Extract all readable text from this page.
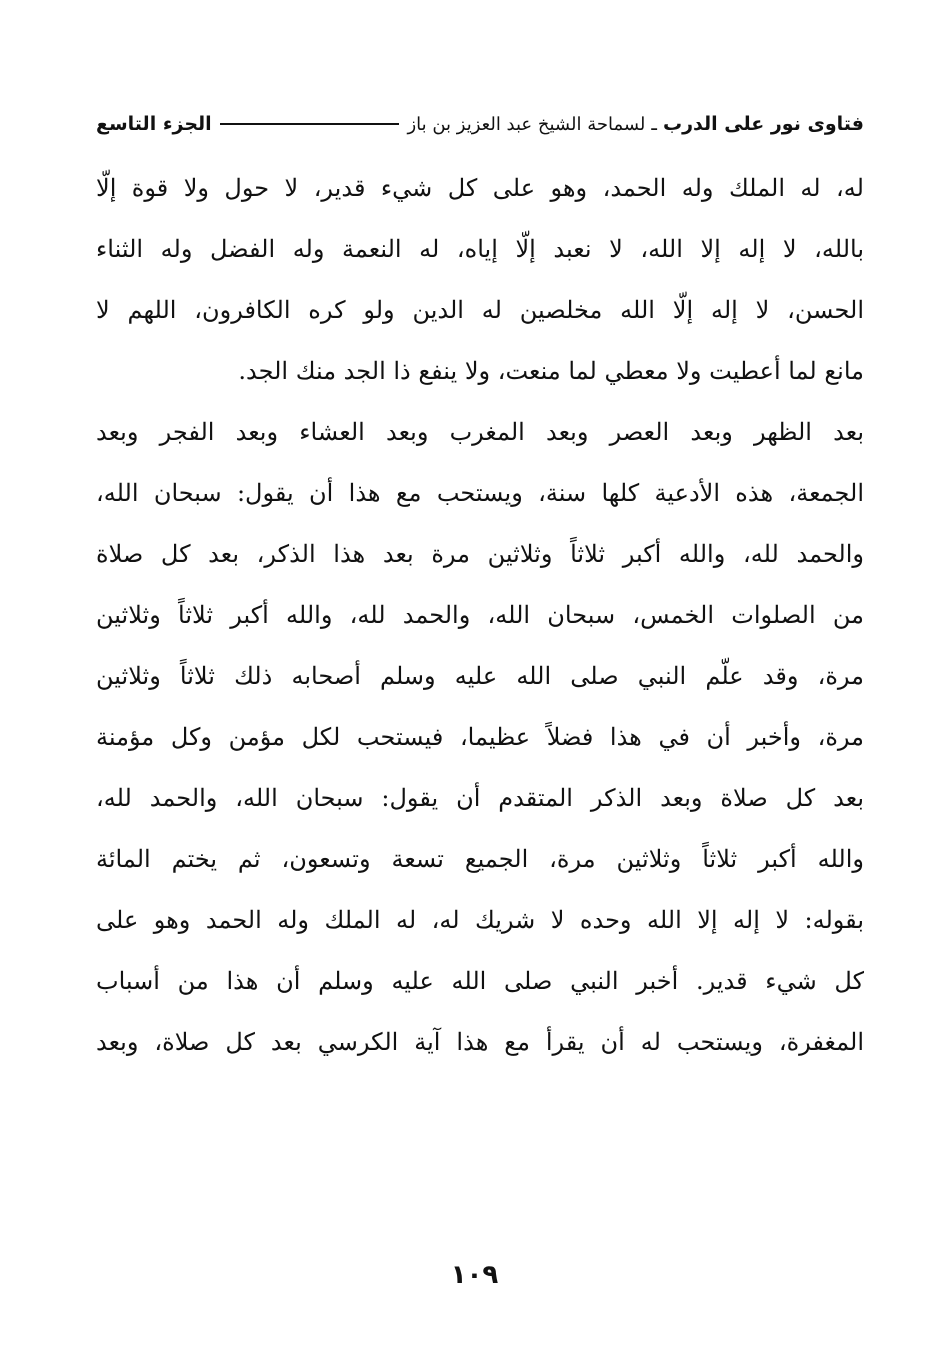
فتاوى نور على الدرب
ـ
لسماحة الشيخ عبد العزيز بن باز
الجزء التاسع
له، له الملك وله الحمد، وهو على كل شيء قدير، لا حول ولا قوة إلّا
بالله، لا إله إلا الله، لا نعبد إلّا إياه، له النعمة وله الفضل وله الثناء
الحسن، لا إله إلّا الله مخلصين له الدين ولو كره الكافرون، اللهم لا
مانع لما أعطيت ولا معطي لما منعت، ولا ينفع ذا الجد منك الجد.
بعد الظهر وبعد العصر وبعد المغرب وبعد العشاء وبعد الفجر وبعد
الجمعة، هذه الأدعية كلها سنة، ويستحب مع هذا أن يقول: سبحان الله،
والحمد لله، والله أكبر ثلاثاً وثلاثين مرة بعد هذا الذكر، بعد كل صلاة
من الصلوات الخمس، سبحان الله، والحمد لله، والله أكبر ثلاثاً وثلاثين
مرة، وقد علّم النبي صلى الله عليه وسلم أصحابه ذلك ثلاثاً وثلاثين
مرة، وأخبر أن في هذا فضلاً عظيما، فيستحب لكل مؤمن وكل مؤمنة
بعد كل صلاة وبعد الذكر المتقدم أن يقول: سبحان الله، والحمد لله،
والله أكبر ثلاثاً وثلاثين مرة، الجميع تسعة وتسعون، ثم يختم المائة
بقوله: لا إله إلا الله وحده لا شريك له، له الملك وله الحمد وهو على
كل شيء قدير. أخبر النبي صلى الله عليه وسلم أن هذا من أسباب
المغفرة، ويستحب له أن يقرأ مع هذا آية الكرسي بعد كل صلاة، وبعد
١٠٩
